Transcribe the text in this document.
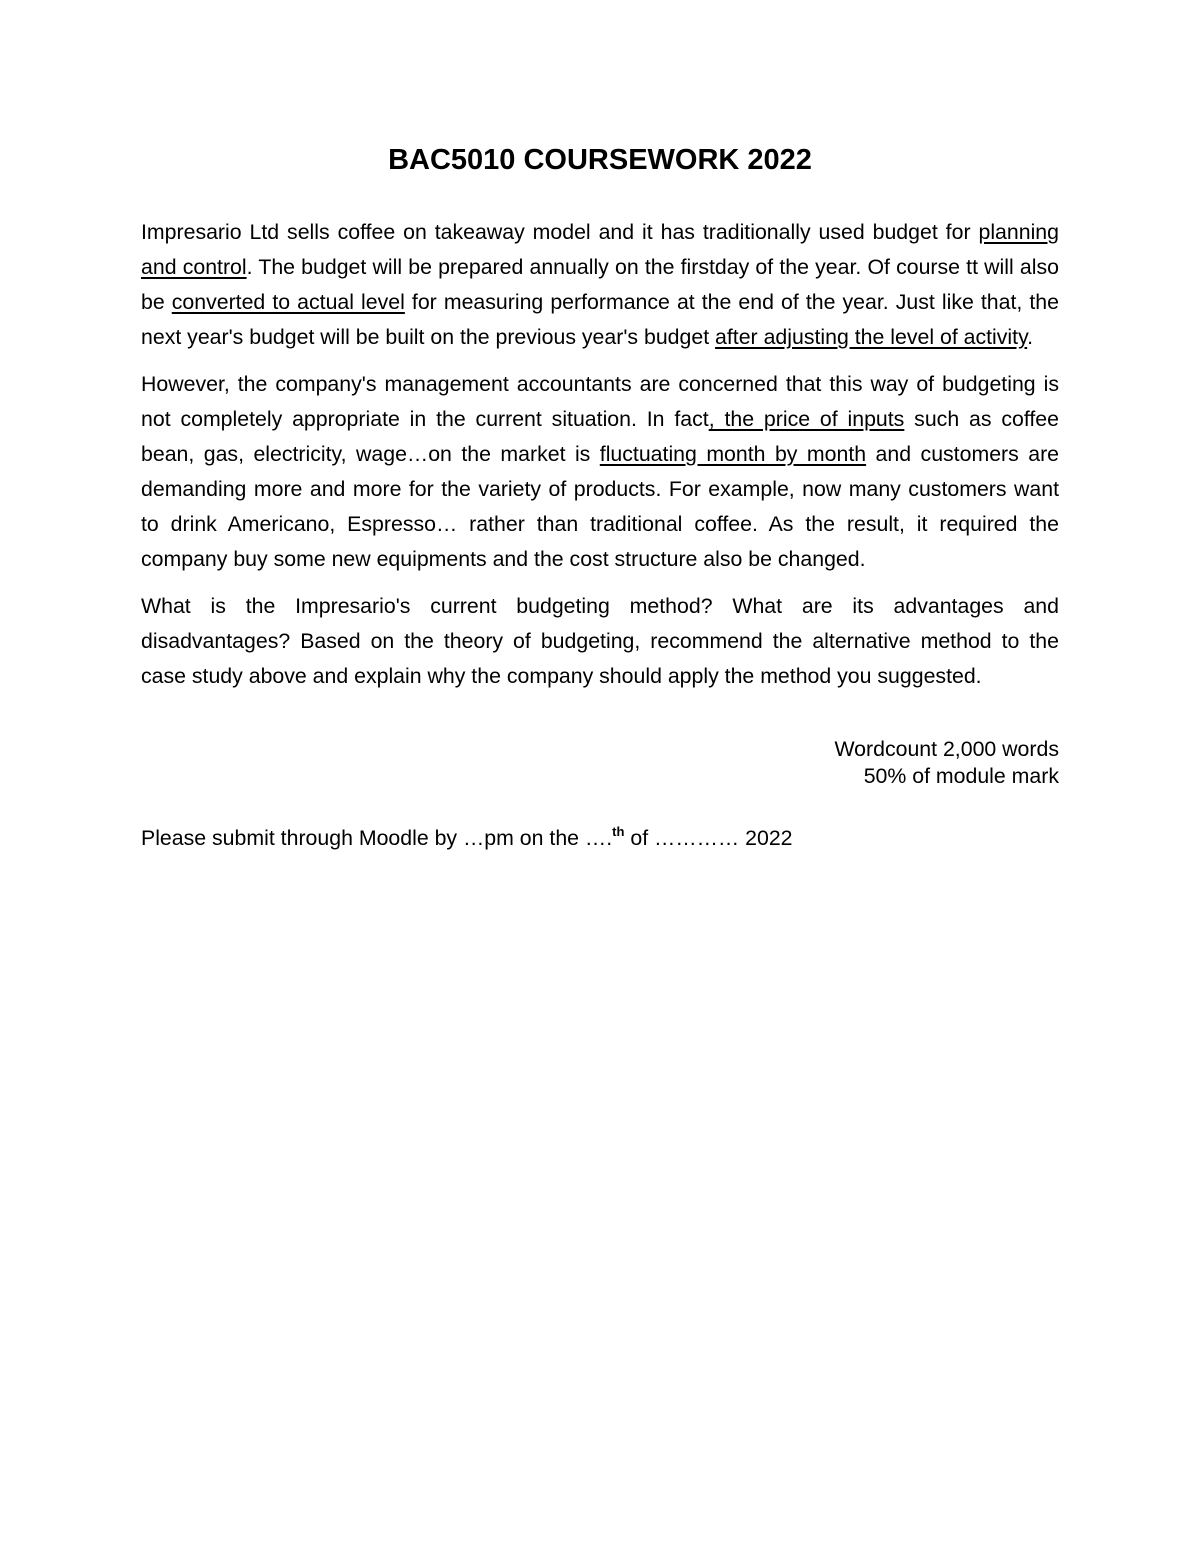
BAC5010 COURSEWORK 2022

Impresario Ltd sells coffee on takeaway model and it has traditionally used budget for planning and control. The budget will be prepared annually on the firstday of the year. Of course tt will also be converted to actual level for measuring performance at the end of the year. Just like that, the next year's budget will be built on the previous year's budget after adjusting the level of activity.

However, the company's management accountants are concerned that this way of budgeting is not completely appropriate in the current situation. In fact, the price of inputs such as coffee bean, gas, electricity, wage…on the market is fluctuating month by month and customers are demanding more and more for the variety of products. For example, now many customers want to drink Americano, Espresso… rather than traditional coffee. As the result, it required the company buy some new equipments and the cost structure also be changed.

What is the Impresario's current budgeting method? What are its advantages and disadvantages? Based on the theory of budgeting, recommend the alternative method to the case study above and explain why the company should apply the method you suggested.

Wordcount 2,000 words
50% of module mark
Please submit through Moodle by …pm on the ….$^{th}$ of ………… 2022
